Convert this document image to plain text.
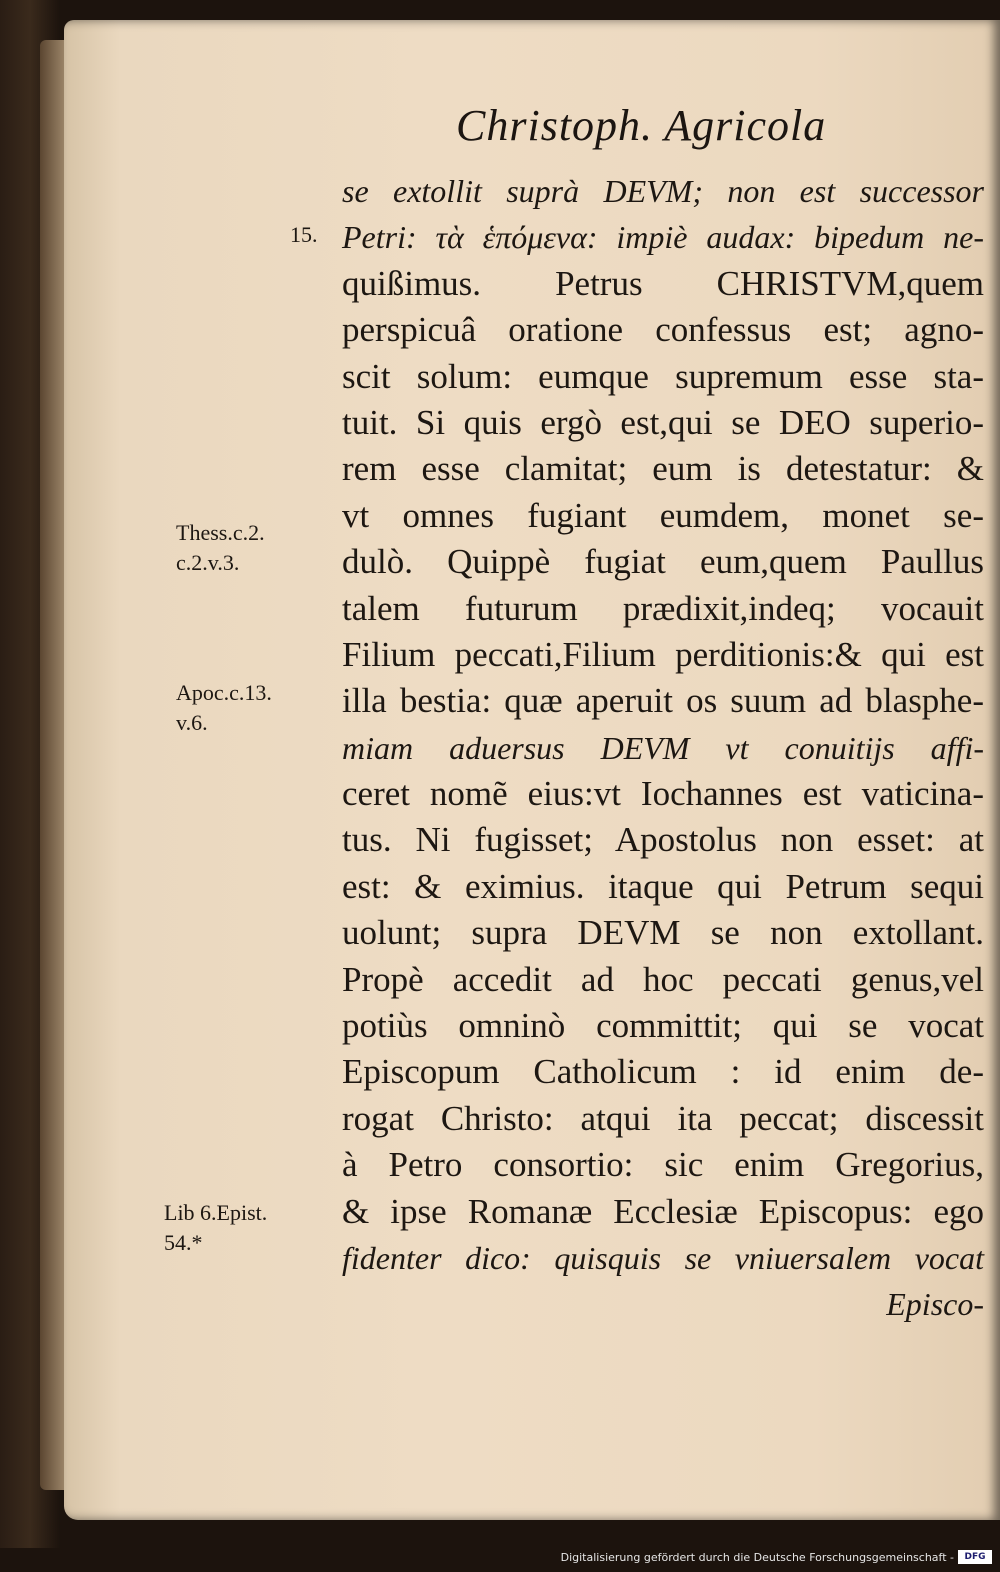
Christoph. Agricola
15.
se extollit suprà DEVM; non est successor
Petri: τὰ ἑπόμενα: impiè audax: bipedum ne-
quißimus. Petrus CHRISTVM,quem
perspicuâ oratione confessus est; agno-
scit solum: eumque supremum esse sta-
tuit. Si quis ergò est,qui se DEO superio-
rem esse clamitat; eum is detestatur: &
vt omnes fugiant eumdem, monet se-
dulò. Quippè fugiat eum,quem Paullus
talem futurum prædixit,indeq; vocauit
Filium peccati,Filium perditionis:& qui est
illa bestia: quæ aperuit os suum ad blasphe-
miam aduersus DEVM vt conuitijs affi-
ceret nomẽ eius:vt Iochannes est vaticina-
tus. Ni fugisset; Apostolus non esset: at
est: & eximius. itaque qui Petrum sequi
uolunt; supra DEVM se non extollant.
Propè accedit ad hoc peccati genus,vel
potiùs omninò committit; qui se vocat
Episcopum Catholicum : id enim de-
rogat Christo: atqui ita peccat; discessit
à Petro consortio: sic enim Gregorius,
& ipse Romanæ Ecclesiæ Episcopus: ego
fidenter dico: quisquis se vniuersalem vocat
Episco-
Thess.c.2.
c.2.v.3.
Apoc.c.13.
v.6.
Lib 6.Epist.
54.*
Digitalisierung gefördert durch die Deutsche Forschungsgemeinschaft -	DFG
